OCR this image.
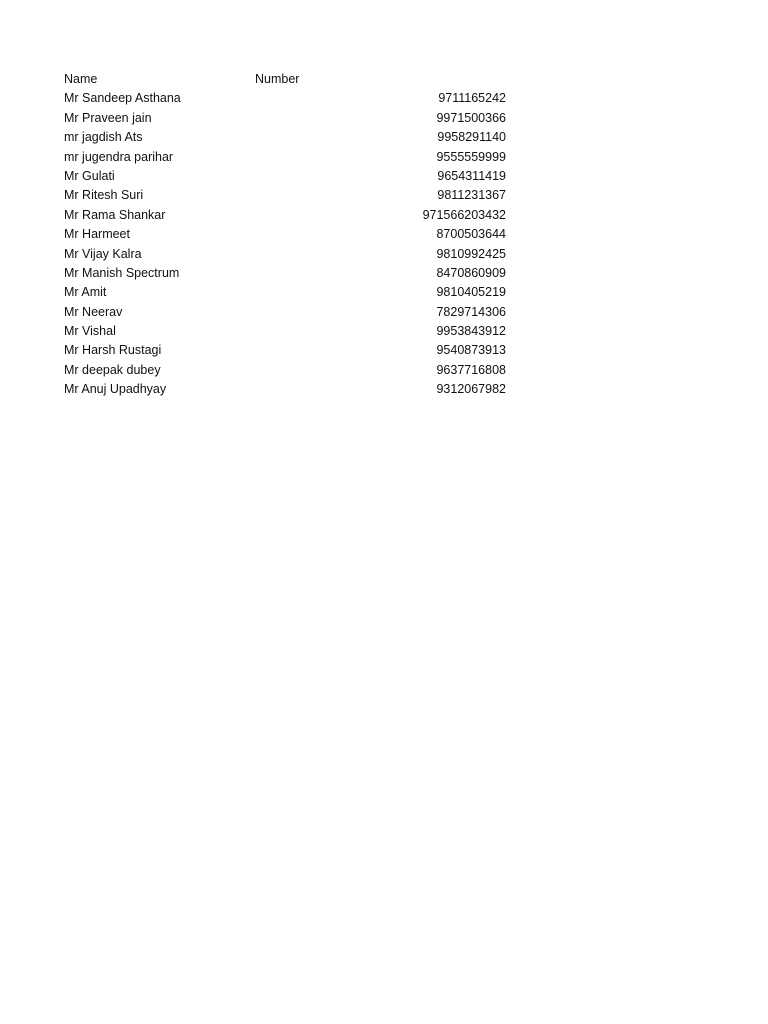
Name	Number
Mr Sandeep Asthana	9711165242
Mr Praveen jain	9971500366
mr jagdish Ats	9958291140
mr jugendra parihar	9555559999
Mr Gulati	9654311419
Mr Ritesh Suri	9811231367
Mr Rama Shankar	971566203432
Mr Harmeet	8700503644
Mr Vijay Kalra	9810992425
Mr Manish Spectrum	8470860909
Mr Amit	9810405219
Mr Neerav	7829714306
Mr Vishal	9953843912
Mr Harsh Rustagi	9540873913
Mr deepak dubey	9637716808
Mr Anuj Upadhyay	9312067982
